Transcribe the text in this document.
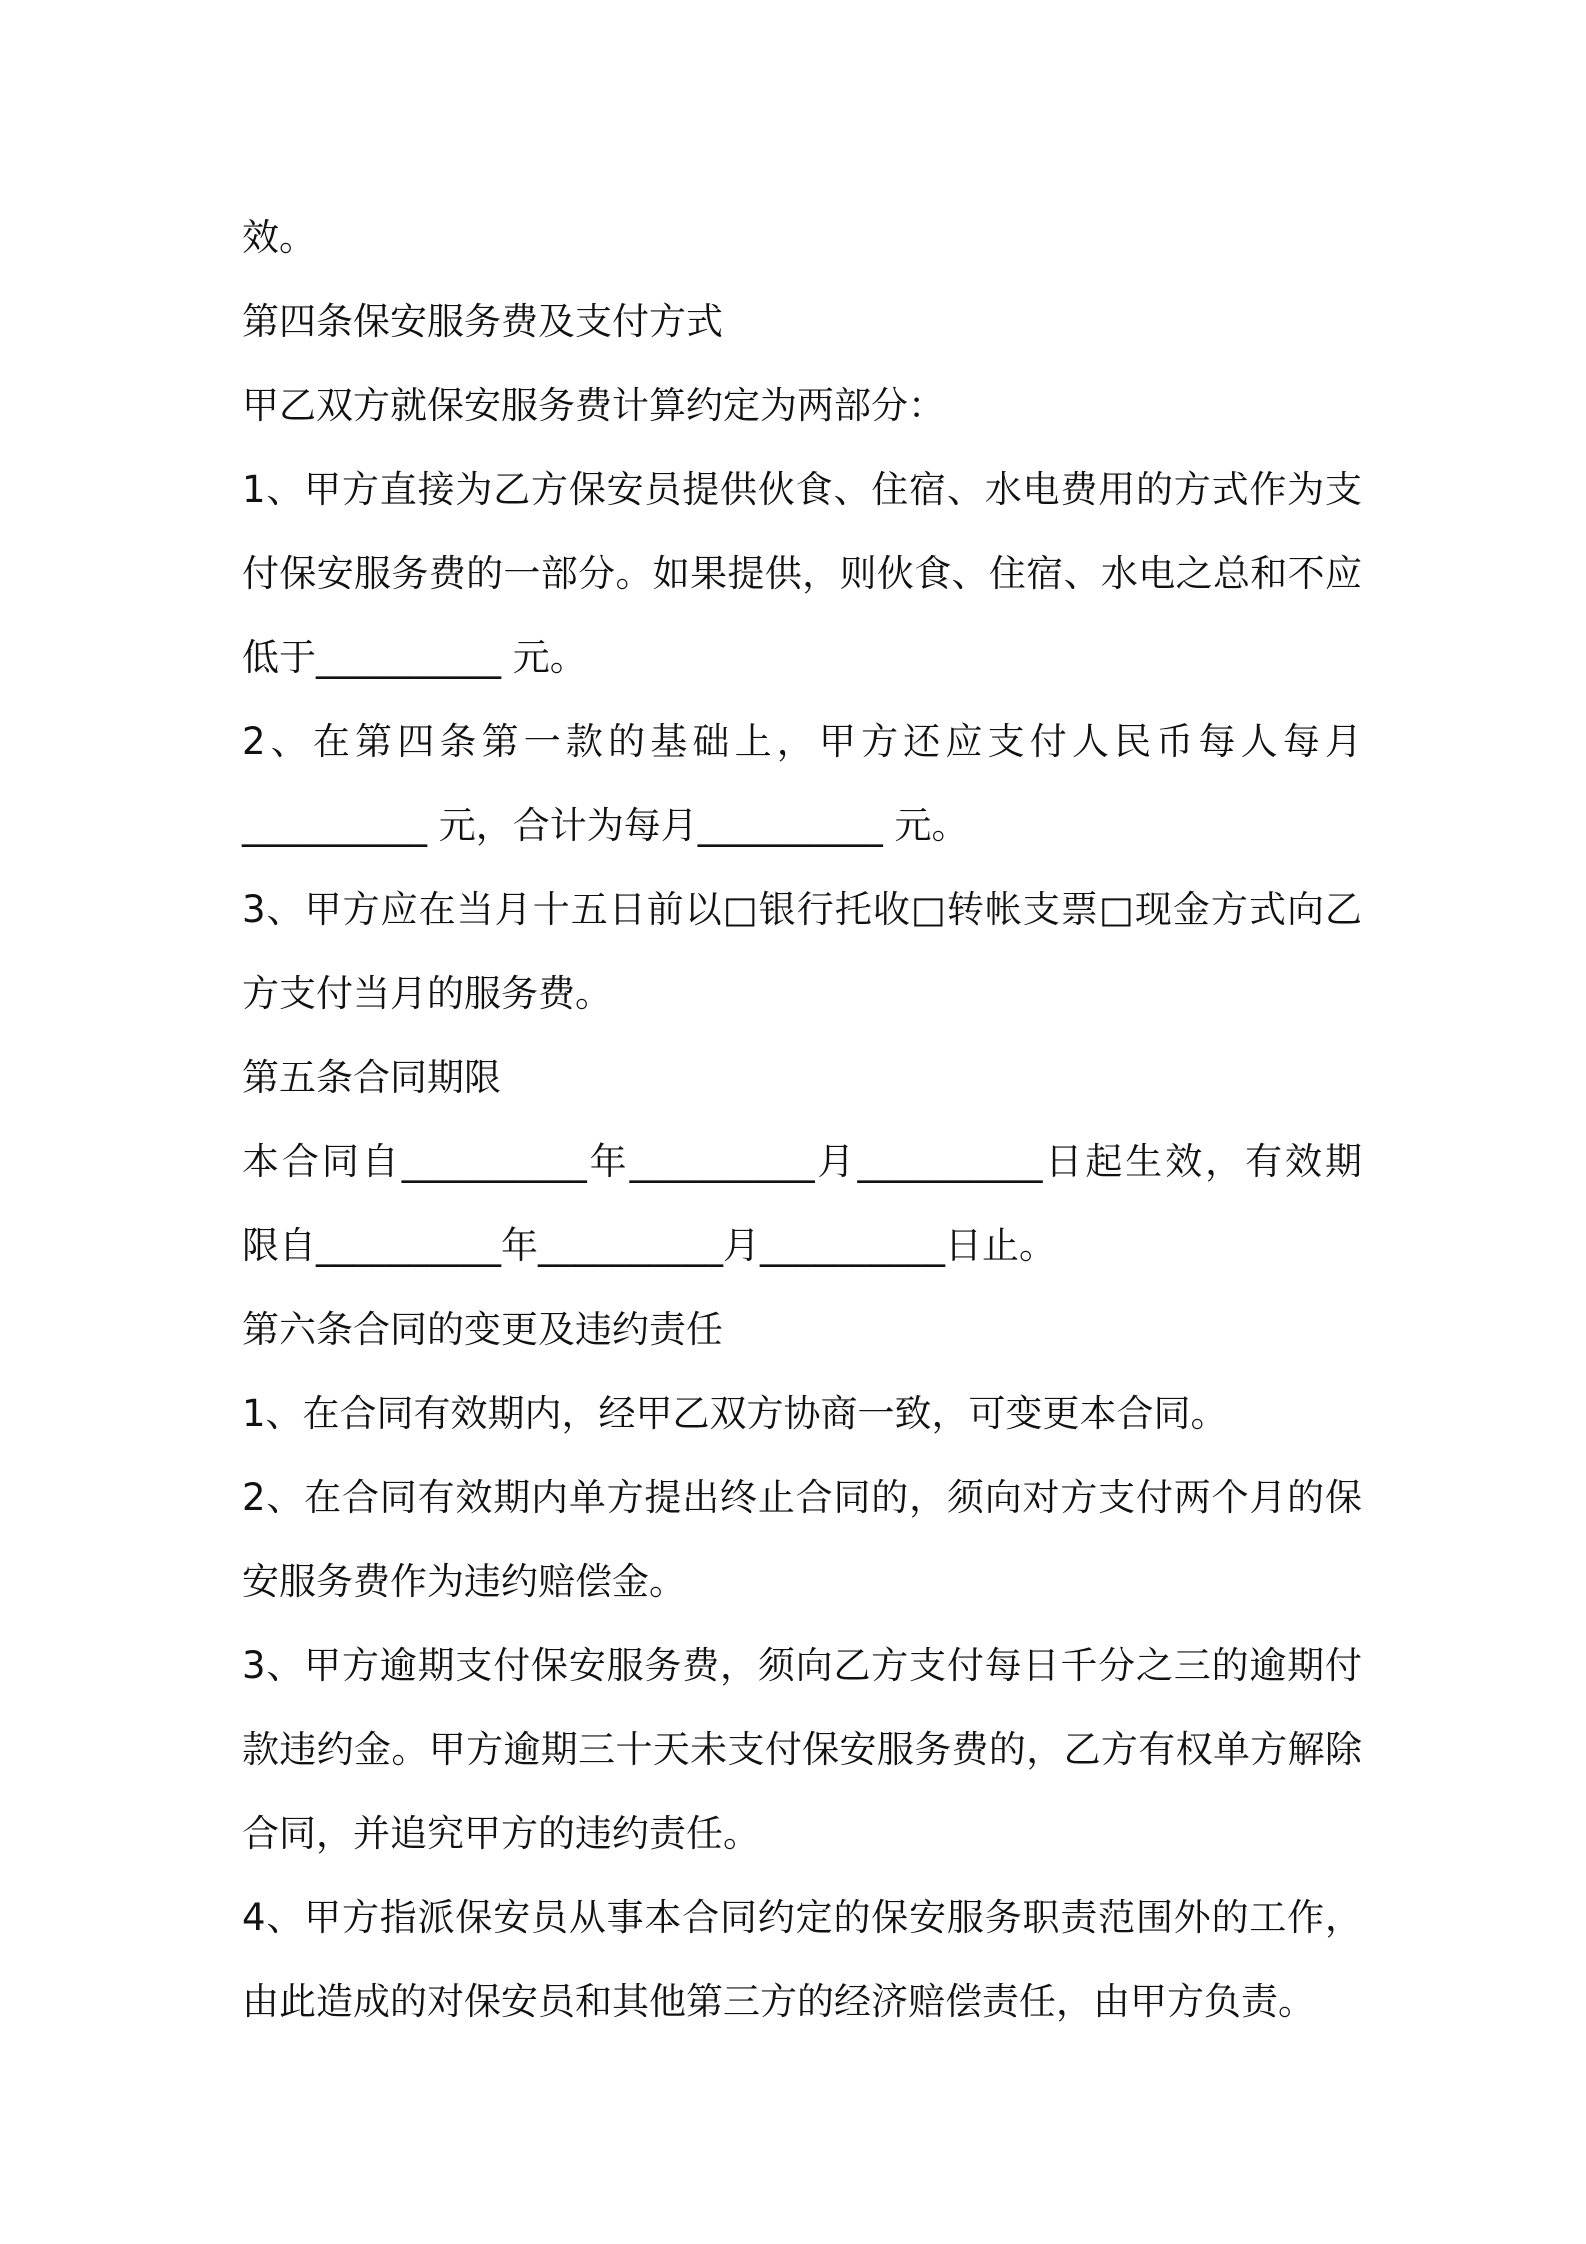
效。
第四条保安服务费及支付方式
甲乙双方就保安服务费计算约定为两部分：
1、甲方直接为乙方保安员提供伙食、住宿、水电费用的方式作为支
付保安服务费的一部分。如果提供，则伙食、住宿、水电之总和不应
低于__________ 元。
2、在第四条第一款的基础上，甲方还应支付人民币每人每月
__________ 元，合计为每月__________ 元。
3、甲方应在当月十五日前以□银行托收□转帐支票□现金方式向乙
方支付当月的服务费。
第五条合同期限
本合同自__________年__________月__________日起生效，有效期
限自__________年__________月__________日止。
第六条合同的变更及违约责任
1、在合同有效期内，经甲乙双方协商一致，可变更本合同。
2、在合同有效期内单方提出终止合同的，须向对方支付两个月的保
安服务费作为违约赔偿金。
3、甲方逾期支付保安服务费，须向乙方支付每日千分之三的逾期付
款违约金。甲方逾期三十天未支付保安服务费的，乙方有权单方解除
合同，并追究甲方的违约责任。
4、甲方指派保安员从事本合同约定的保安服务职责范围外的工作，
由此造成的对保安员和其他第三方的经济赔偿责任，由甲方负责。
